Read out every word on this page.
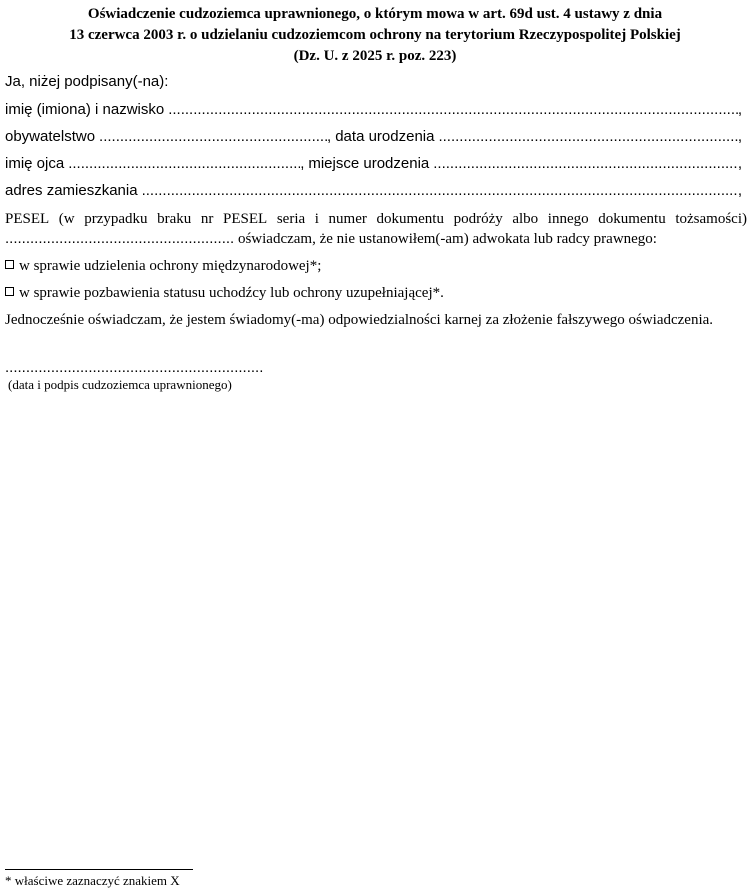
Oświadczenie cudzoziemca uprawnionego, o którym mowa w art. 69d ust. 4 ustawy z dnia
13 czerwca 2003 r. o udzielaniu cudzoziemcom ochrony na terytorium Rzeczypospolitej Polskiej
(Dz. U. z 2025 r. poz. 223)
Ja, niżej podpisany(-na):
imię (imiona) i nazwisko .....	,
obywatelstwo .....	, data urodzenia .....	,
imię ojca .....	, miejsce urodzenia .....	,
adres zamieszkania .....	,
PESEL (w przypadku braku nr PESEL seria i numer dokumentu podróży albo innego dokumentu tożsamości)
....................................................... oświadczam, że nie ustanowiłem(-am) adwokata lub radcy prawnego:
w sprawie udzielenia ochrony międzynarodowej*;
w sprawie pozbawienia statusu uchodźcy lub ochrony uzupełniającej*.
Jednocześnie oświadczam, że jestem świadomy(-ma) odpowiedzialności karnej za złożenie fałszywego oświadczenia.
..............................................................
(data i podpis cudzoziemca uprawnionego)
* właściwe zaznaczyć znakiem X
